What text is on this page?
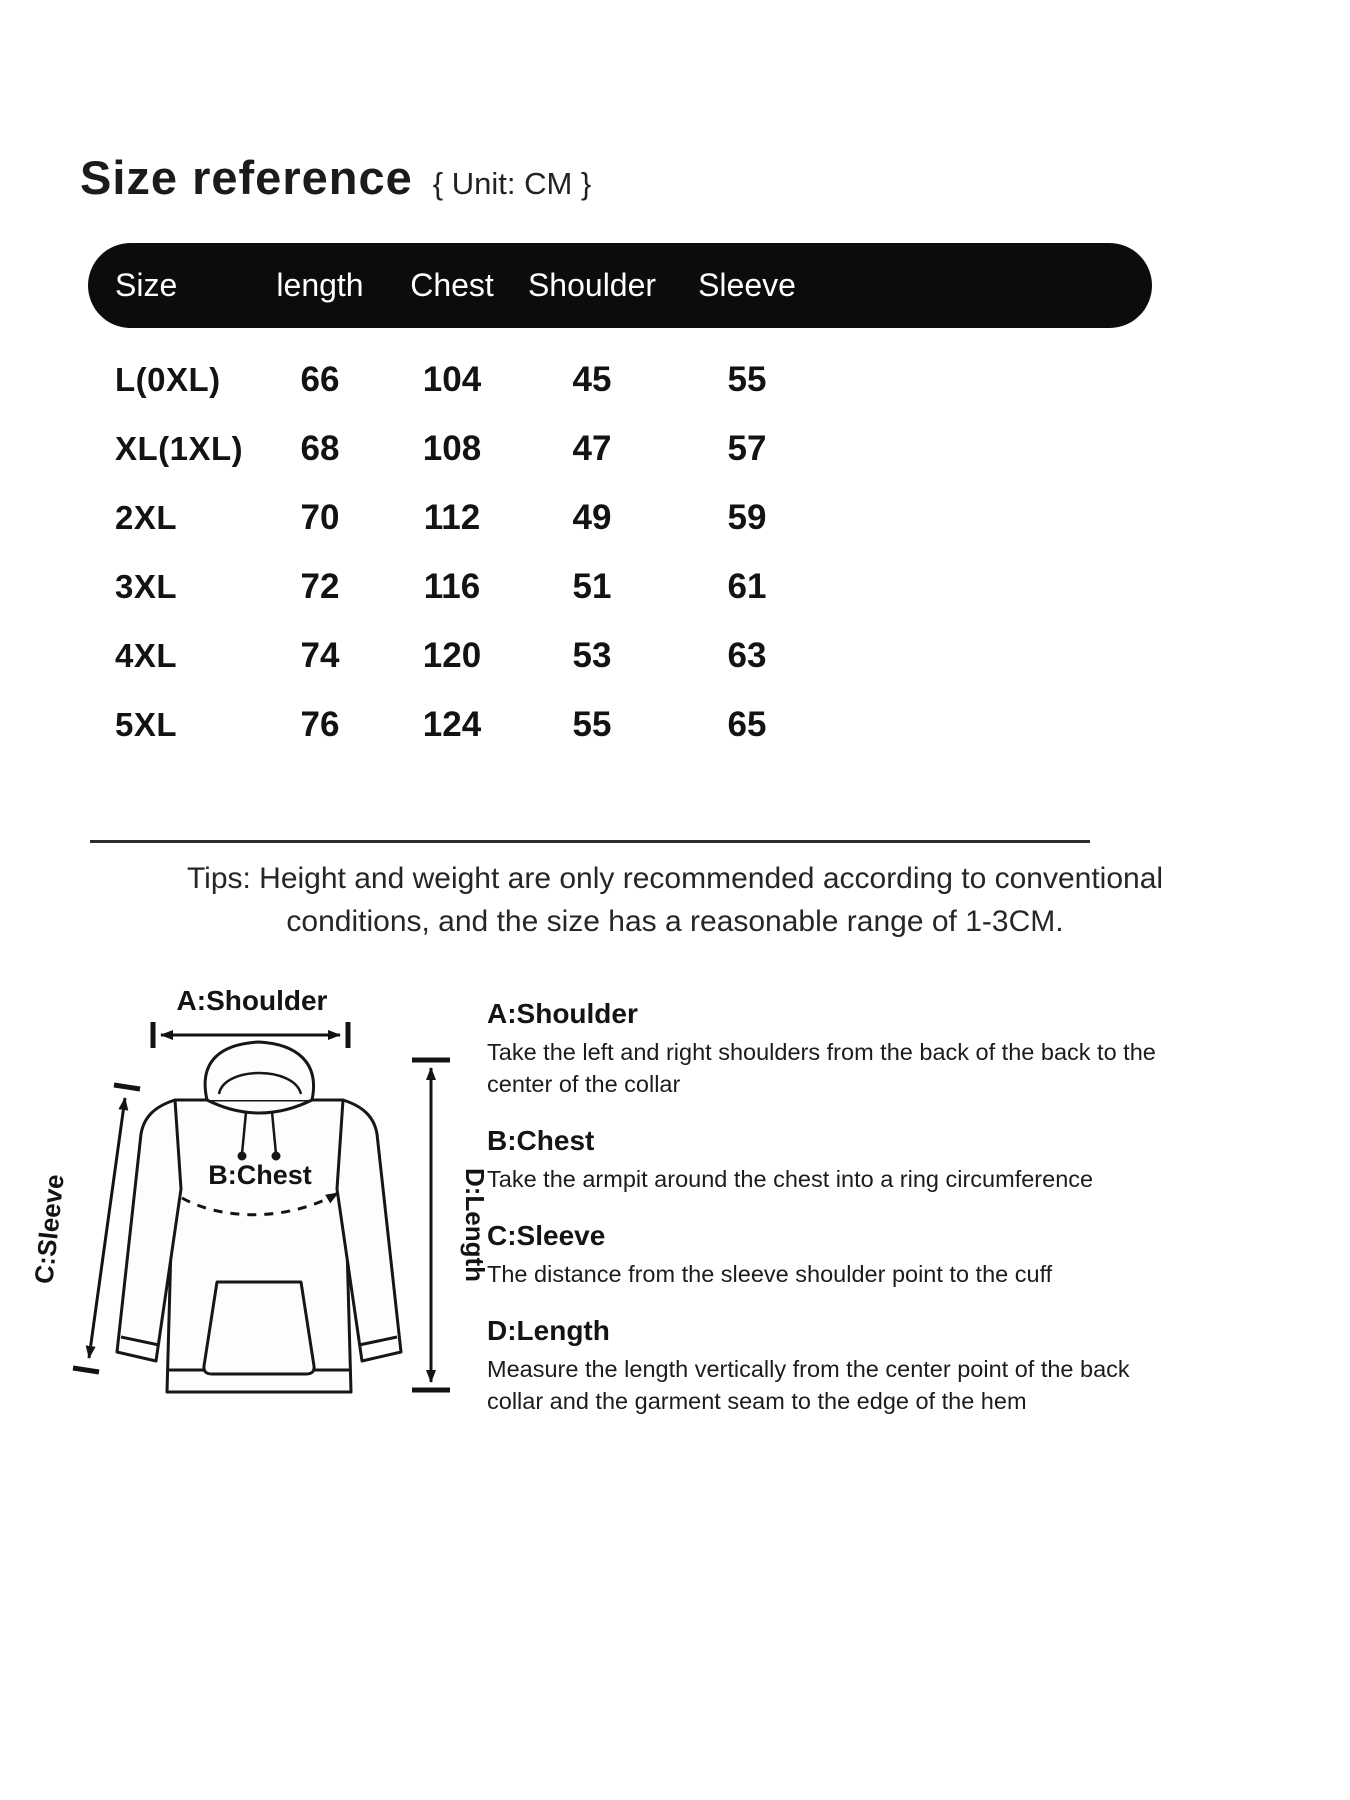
Size reference { Unit: CM }
Size	length	Chest	Shoulder	Sleeve
L(0XL)	66	104	45	55
XL(1XL)	68	108	47	57
2XL	70	112	49	59
3XL	72	116	51	61
4XL	74	120	53	63
5XL	76	124	55	65

Tips: Height and weight are only recommended according to conventional conditions, and the size has a reasonable range of 1-3CM.

A:Shoulder
B:Chest	D:Length
C:Sleeve

A:Shoulder

Take the left and right shoulders from the back of the back to the center of the collar

B:Chest

Take the armpit around the chest into a ring circumference

C:Sleeve

The distance from the sleeve shoulder point to the cuff

D:Length

Measure the length vertically from the center point of the back collar and the garment seam to the edge of the hem
